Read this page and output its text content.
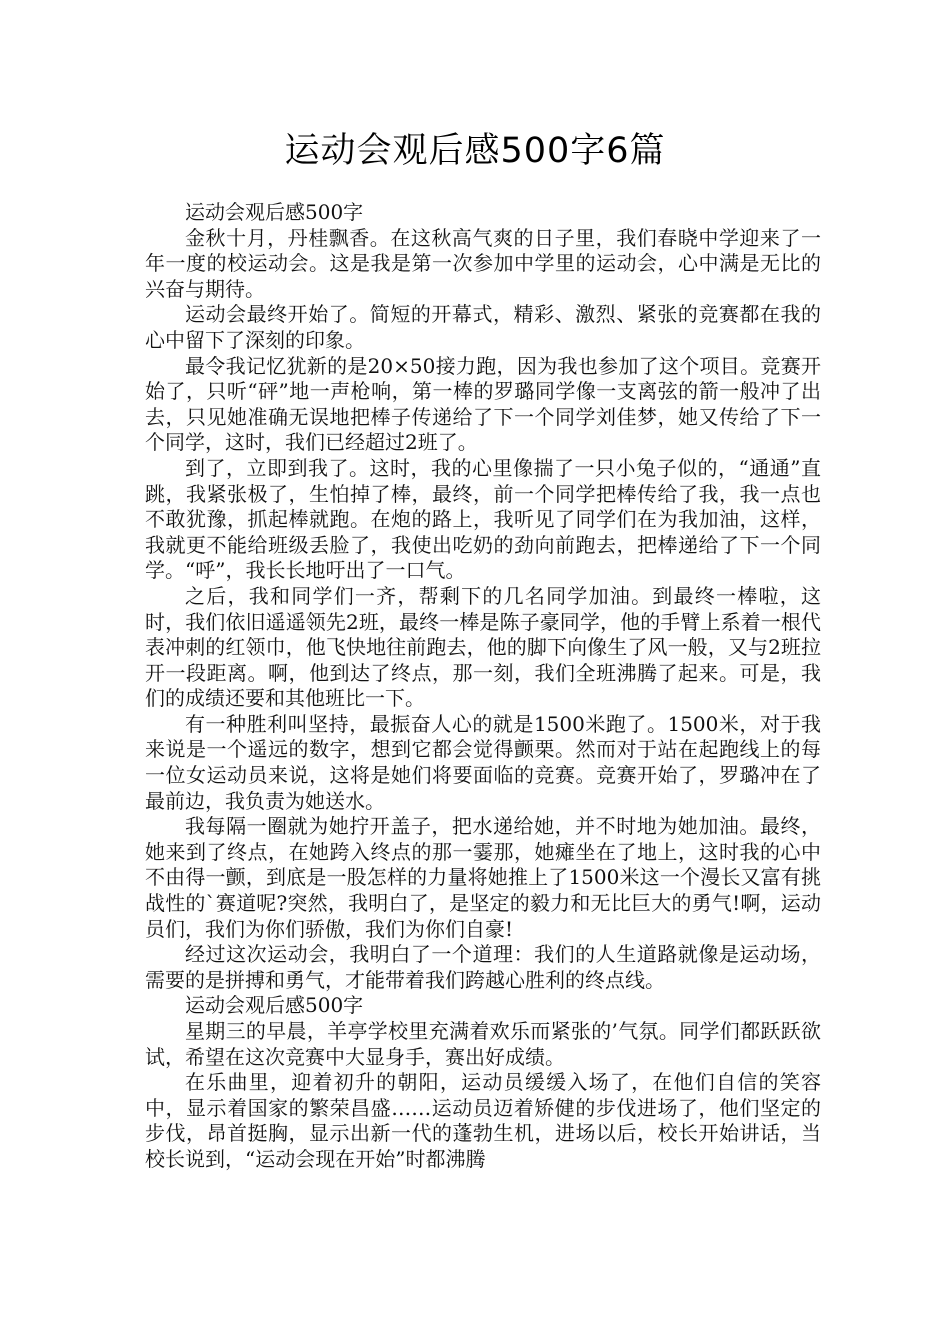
运动会观后感500字6篇

运动会观后感500字

金秋十月，丹桂飘香。在这秋高气爽的日子里，我们春晓中学迎来了一年一度的校运动会。这是我是第一次参加中学里的运动会，心中满是无比的兴奋与期待。

运动会最终开始了。简短的开幕式，精彩、激烈、紧张的竞赛都在我的心中留下了深刻的印象。

最令我记忆犹新的是20×50接力跑，因为我也参加了这个项目。竞赛开始了，只听“砰”地一声枪响，第一棒的罗璐同学像一支离弦的箭一般冲了出去，只见她准确无误地把棒子传递给了下一个同学刘佳梦，她又传给了下一个同学，这时，我们已经超过2班了。

到了，立即到我了。这时，我的心里像揣了一只小兔子似的，“通通”直跳，我紧张极了，生怕掉了棒，最终，前一个同学把棒传给了我，我一点也不敢犹豫，抓起棒就跑。在炮的路上，我听见了同学们在为我加油，这样，我就更不能给班级丢脸了，我使出吃奶的劲向前跑去，把棒递给了下一个同学。“呼”，我长长地吁出了一口气。

之后，我和同学们一齐，帮剩下的几名同学加油。到最终一棒啦，这时，我们依旧遥遥领先2班，最终一棒是陈子豪同学，他的手臂上系着一根代表冲刺的红领巾，他飞快地往前跑去，他的脚下向像生了风一般，又与2班拉开一段距离。啊，他到达了终点，那一刻，我们全班沸腾了起来。可是，我们的成绩还要和其他班比一下。

有一种胜利叫坚持，最振奋人心的就是1500米跑了。1500米，对于我来说是一个遥远的数字，想到它都会觉得颤栗。然而对于站在起跑线上的每一位女运动员来说，这将是她们将要面临的竞赛。竞赛开始了，罗璐冲在了最前边，我负责为她送水。

我每隔一圈就为她拧开盖子，把水递给她，并不时地为她加油。最终，她来到了终点，在她跨入终点的那一霎那，她瘫坐在了地上，这时我的心中不由得一颤，到底是一股怎样的力量将她推上了1500米这一个漫长又富有挑战性的`赛道呢?突然，我明白了，是坚定的毅力和无比巨大的勇气!啊，运动员们，我们为你们骄傲，我们为你们自豪!

经过这次运动会，我明白了一个道理：我们的人生道路就像是运动场，需要的是拼搏和勇气，才能带着我们跨越心胜利的终点线。

运动会观后感500字

星期三的早晨，羊亭学校里充满着欢乐而紧张的’气氛。同学们都跃跃欲试，希望在这次竞赛中大显身手，赛出好成绩。

在乐曲里，迎着初升的朝阳，运动员缓缓入场了，在他们自信的笑容中，显示着国家的繁荣昌盛……运动员迈着矫健的步伐进场了，他们坚定的步伐，昂首挺胸，显示出新一代的蓬勃生机，进场以后，校长开始讲话，当校长说到，“运动会现在开始”时都沸腾
